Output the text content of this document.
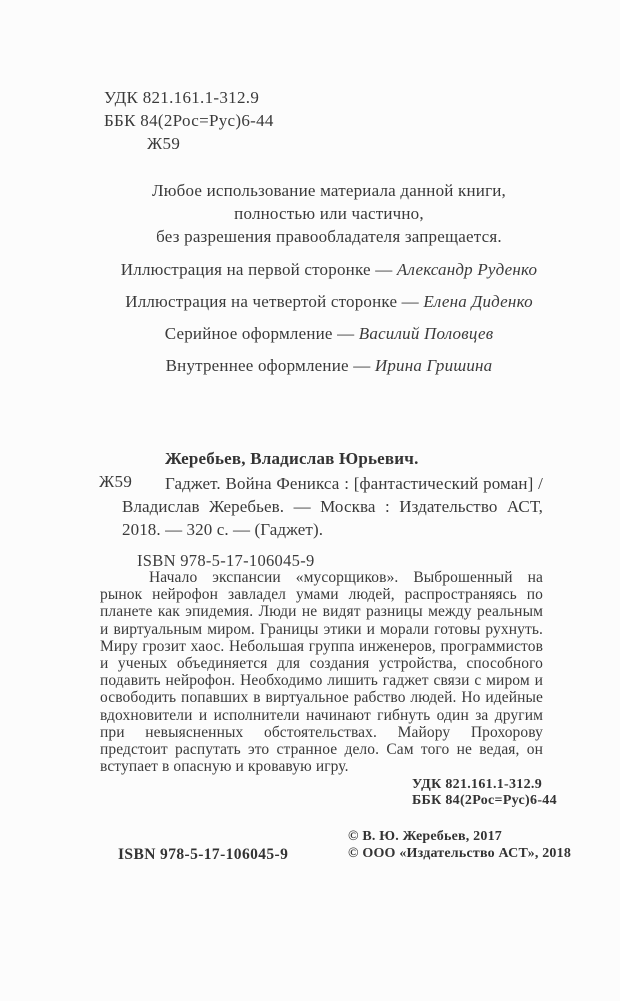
УДК 821.161.1-312.9
ББК 84(2Рос=Рус)6-44
Ж59
Любое использование материала данной книги,
полностью или частично,
без разрешения правообладателя запрещается.
Иллюстрация на первой сторонке — Александр Руденко
Иллюстрация на четвертой сторонке — Елена Диденко
Серийное оформление — Василий Половцев
Внутреннее оформление — Ирина Гришина
Жеребьев, Владислав Юрьевич.
Ж59	Гаджет. Война Феникса : [фантастический роман] / Владислав Жеребьев. — Москва : Издательство АСТ, 2018. — 320 с. — (Гаджет).
ISBN 978-5-17-106045-9
Начало экспансии «мусорщиков». Выброшенный на рынок нейрофон завладел умами людей, распространяясь по планете как эпидемия. Люди не видят разницы между реальным и виртуальным миром. Границы этики и морали готовы рухнуть. Миру грозит хаос. Небольшая группа инженеров, программистов и ученых объединяется для создания устройства, способного подавить нейрофон. Необходимо лишить гаджет связи с миром и освободить попавших в виртуальное рабство людей. Но идейные вдохновители и исполнители начинают гибнуть один за другим при невыясненных обстоятельствах. Майору Прохорову предстоит распутать это странное дело. Сам того не ведая, он вступает в опасную и кровавую игру.
УДК 821.161.1-312.9
ББК 84(2Рос=Рус)6-44
ISBN 978-5-17-106045-9
© В. Ю. Жеребьев, 2017
© ООО «Издательство АСТ», 2018
